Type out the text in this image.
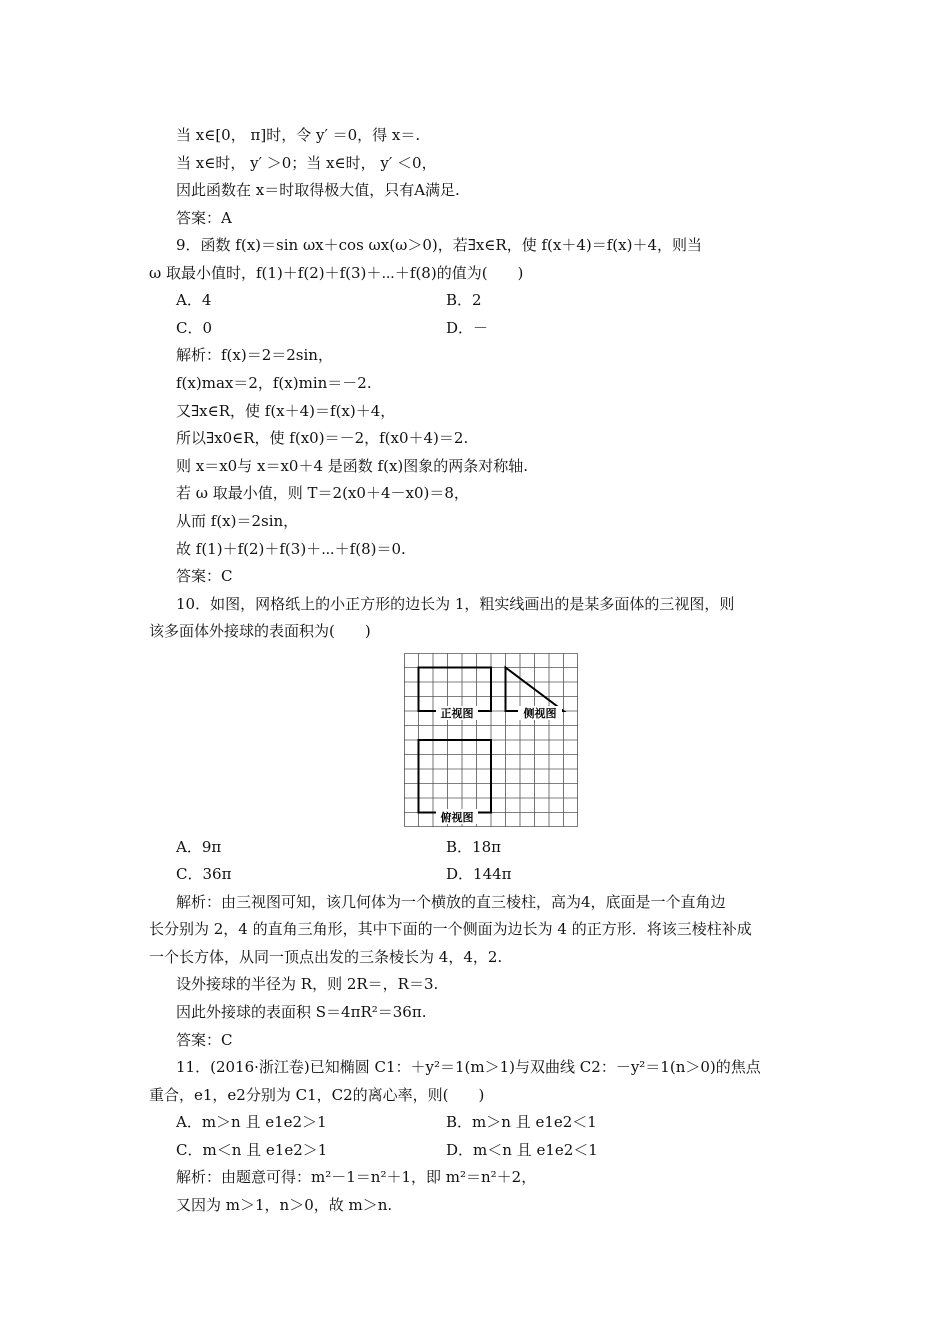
当 x∈[0， π]时，令 y′ ＝0，得 x＝.
当 x∈时， y′ ＞0；当 x∈时， y′ ＜0，
因此函数在 x＝时取得极大值，只有A满足.
答案：A
9．函数 f(x)＝sin ωx＋cos ωx(ω＞0)，若∃x∈R，使 f(x＋4)＝f(x)＋4，则当
ω 取最小值时，f(1)＋f(2)＋f(3)＋⋯＋f(8)的值为(　　)
A．4	B．2
C．0	D．－
解析：f(x)＝2＝2sin，
f(x)max＝2，f(x)min＝－2.
又∃x∈R，使 f(x＋4)＝f(x)＋4，
所以∃x0∈R，使 f(x0)＝－2，f(x0＋4)＝2.
则 x＝x0与 x＝x0＋4 是函数 f(x)图象的两条对称轴.
若 ω 取最小值，则 T＝2(x0＋4－x0)＝8，
从而 f(x)＝2sin，
故 f(1)＋f(2)＋f(3)＋⋯＋f(8)＝0.
答案：C
10．如图，网格纸上的小正方形的边长为 1，粗实线画出的是某多面体的三视图，则
该多面体外接球的表面积为(　　)
正视图	侧视图
俯视图
A．9π	B．18π
C．36π	D．144π
解析：由三视图可知，该几何体为一个横放的直三棱柱，高为4，底面是一个直角边
长分别为 2，4 的直角三角形，其中下面的一个侧面为边长为 4 的正方形．将该三棱柱补成
一个长方体，从同一顶点出发的三条棱长为 4，4，2.
设外接球的半径为 R，则 2R＝，R＝3.
因此外接球的表面积 S＝4πR²＝36π.
答案：C
11．(2016·浙江卷)已知椭圆 C1：＋y²＝1(m＞1)与双曲线 C2：－y²＝1(n＞0)的焦点
重合，e1，e2分别为 C1，C2的离心率，则(　　)
A．m＞n 且 e1e2＞1	B．m＞n 且 e1e2＜1
C．m＜n 且 e1e2＞1	D．m＜n 且 e1e2＜1
解析：由题意可得：m²－1＝n²＋1，即 m²＝n²＋2，
又因为 m＞1，n＞0，故 m＞n.
